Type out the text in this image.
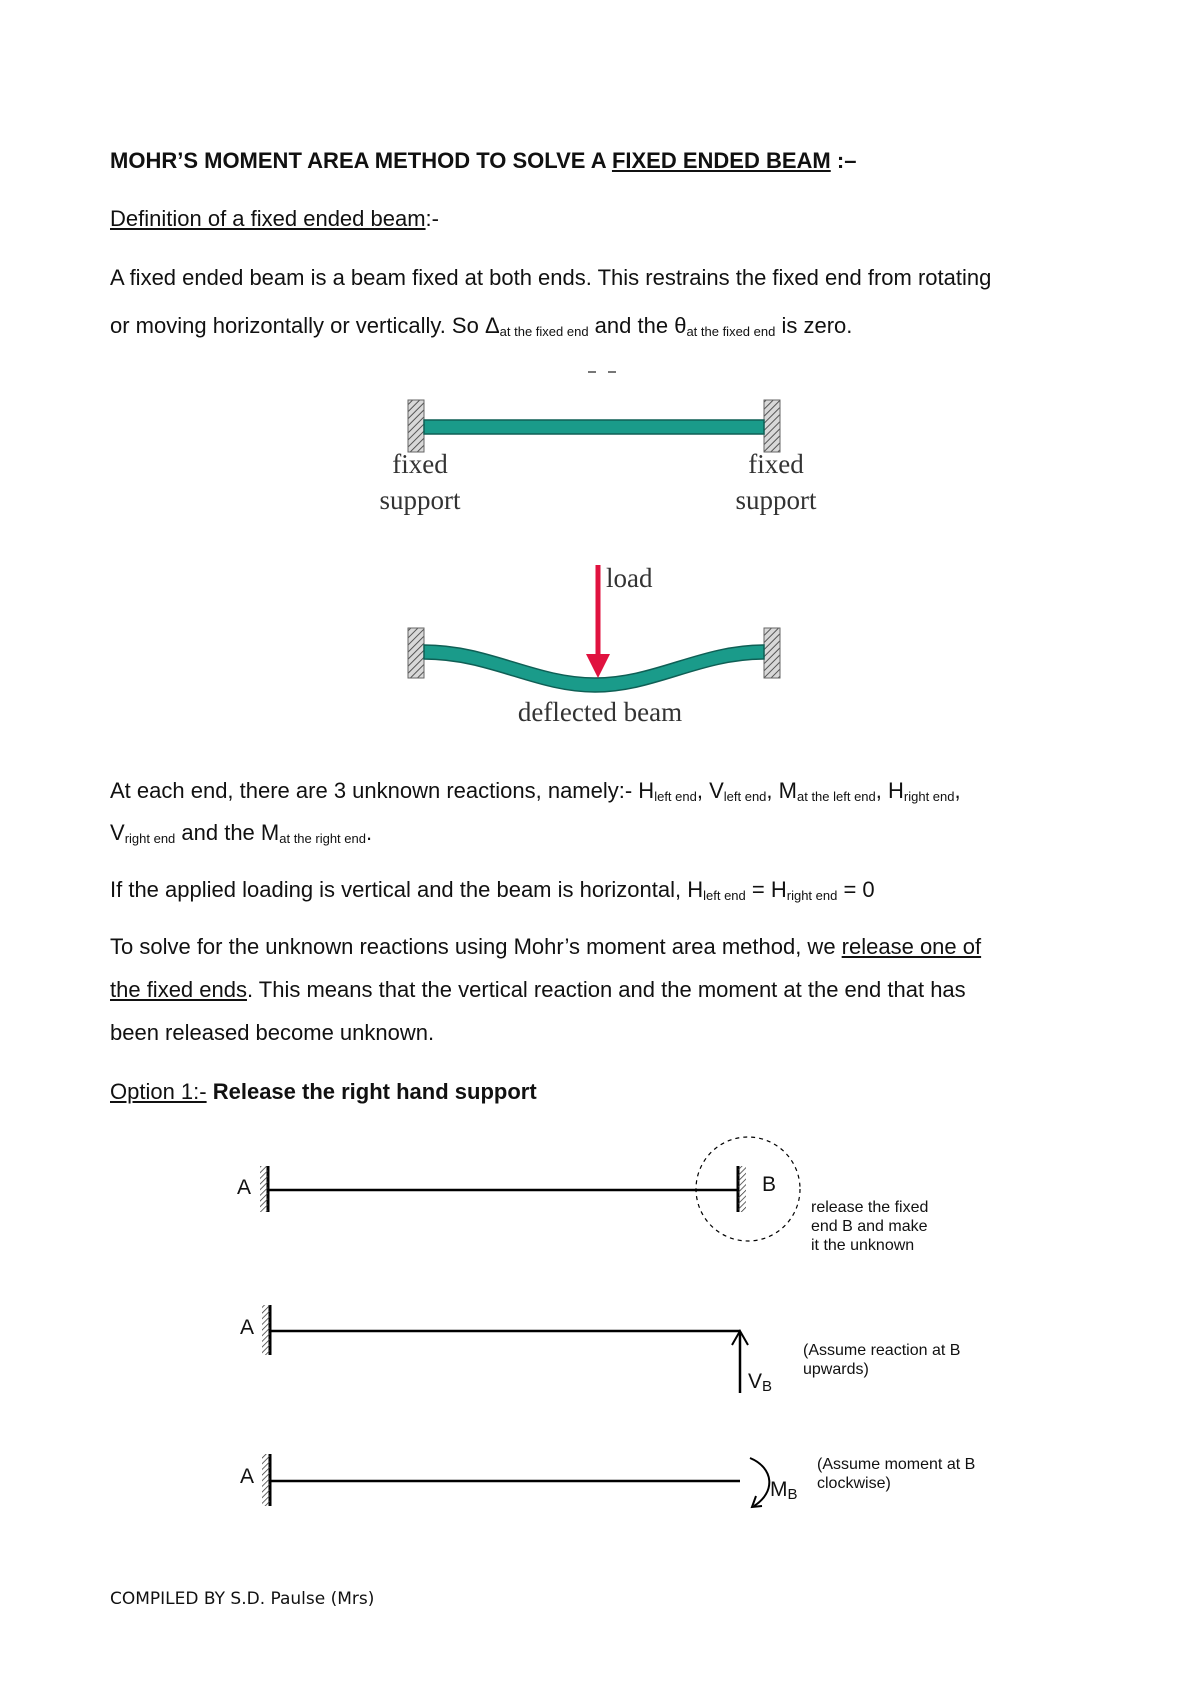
MOHR’S MOMENT AREA METHOD TO SOLVE A FIXED ENDED BEAM :–
Definition of a fixed ended beam:-
A fixed ended beam is a beam fixed at both ends. This restrains the fixed end from rotating
or moving horizontally or vertically. So $\Delta_{at the fixed end}$ and the $\theta_{at the fixed end}$ is zero.
fixed
support
fixed
support
load
deflected beam
At each end, there are 3 unknown reactions, namely:- $H_{left end}$, $V_{left end}$, $M_{at the left end}$, $H_{right end}$,
$V_{right end}$ and the $M_{at the right end}$.
If the applied loading is vertical and the beam is horizontal, $H_{left end} = H_{right end} = 0$
To solve for the unknown reactions using Mohr’s moment area method, we release one of
the fixed ends. This means that the vertical reaction and the moment at the end that has
been released become unknown.
Option 1:- Release the right hand support
A	B
release the fixed
end B and make
it the unknown
A
$V_B$
(Assume reaction at B
upwards)
A
$M_B$
(Assume moment at B
clockwise)
COMPILED BY S.D. Paulse (Mrs)
